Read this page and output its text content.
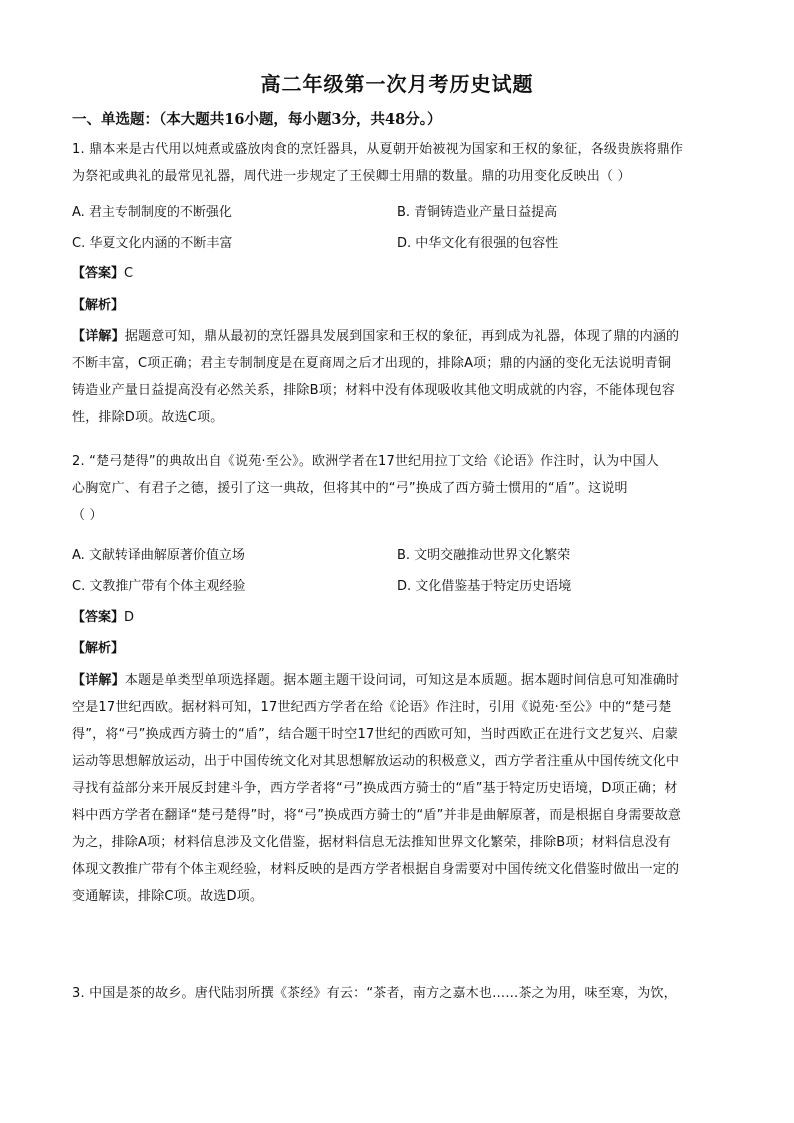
高二年级第一次月考历史试题
一、单选题：（本大题共16小题，每小题3分，共48分。）
1. 鼎本来是古代用以炖煮或盛放肉食的烹饪器具，从夏朝开始被视为国家和王权的象征，各级贵族将鼎作
为祭祀或典礼的最常见礼器，周代进一步规定了王侯卿士用鼎的数量。鼎的功用变化反映出（ ）
A. 君主专制制度的不断强化	B. 青铜铸造业产量日益提高
C. 华夏文化内涵的不断丰富	D. 中华文化有很强的包容性
【答案】C
【解析】
【详解】据题意可知，鼎从最初的烹饪器具发展到国家和王权的象征，再到成为礼器，体现了鼎的内涵的
不断丰富，C项正确；君主专制制度是在夏商周之后才出现的，排除A项；鼎的内涵的变化无法说明青铜
铸造业产量日益提高没有必然关系，排除B项；材料中没有体现吸收其他文明成就的内容，不能体现包容
性，排除D项。故选C项。
2. “楚弓楚得”的典故出自《说苑·至公》。欧洲学者在17世纪用拉丁文给《论语》作注时，认为中国人
心胸宽广、有君子之德，援引了这一典故，但将其中的“弓”换成了西方骑士惯用的“盾”。这说明
（ ）
A. 文献转译曲解原著价值立场	B. 文明交融推动世界文化繁荣
C. 文教推广带有个体主观经验	D. 文化借鉴基于特定历史语境
【答案】D
【解析】
【详解】本题是单类型单项选择题。据本题主题干设问词，可知这是本质题。据本题时间信息可知准确时
空是17世纪西欧。据材料可知，17世纪西方学者在给《论语》作注时，引用《说苑·至公》中的“楚弓楚
得”，将“弓”换成西方骑士的“盾”，结合题干时空17世纪的西欧可知，当时西欧正在进行文艺复兴、启蒙
运动等思想解放运动，出于中国传统文化对其思想解放运动的积极意义，西方学者注重从中国传统文化中
寻找有益部分来开展反封建斗争，西方学者将“弓”换成西方骑士的“盾”基于特定历史语境，D项正确；材
料中西方学者在翻译“楚弓楚得”时，将“弓”换成西方骑士的“盾”并非是曲解原著，而是根据自身需要故意
为之，排除A项；材料信息涉及文化借鉴，据材料信息无法推知世界文化繁荣，排除B项；材料信息没有
体现文教推广带有个体主观经验，材料反映的是西方学者根据自身需要对中国传统文化借鉴时做出一定的
变通解读，排除C项。故选D项。
3. 中国是茶的故乡。唐代陆羽所撰《茶经》有云：“茶者，南方之嘉木也……茶之为用，味至寒，为饮，
